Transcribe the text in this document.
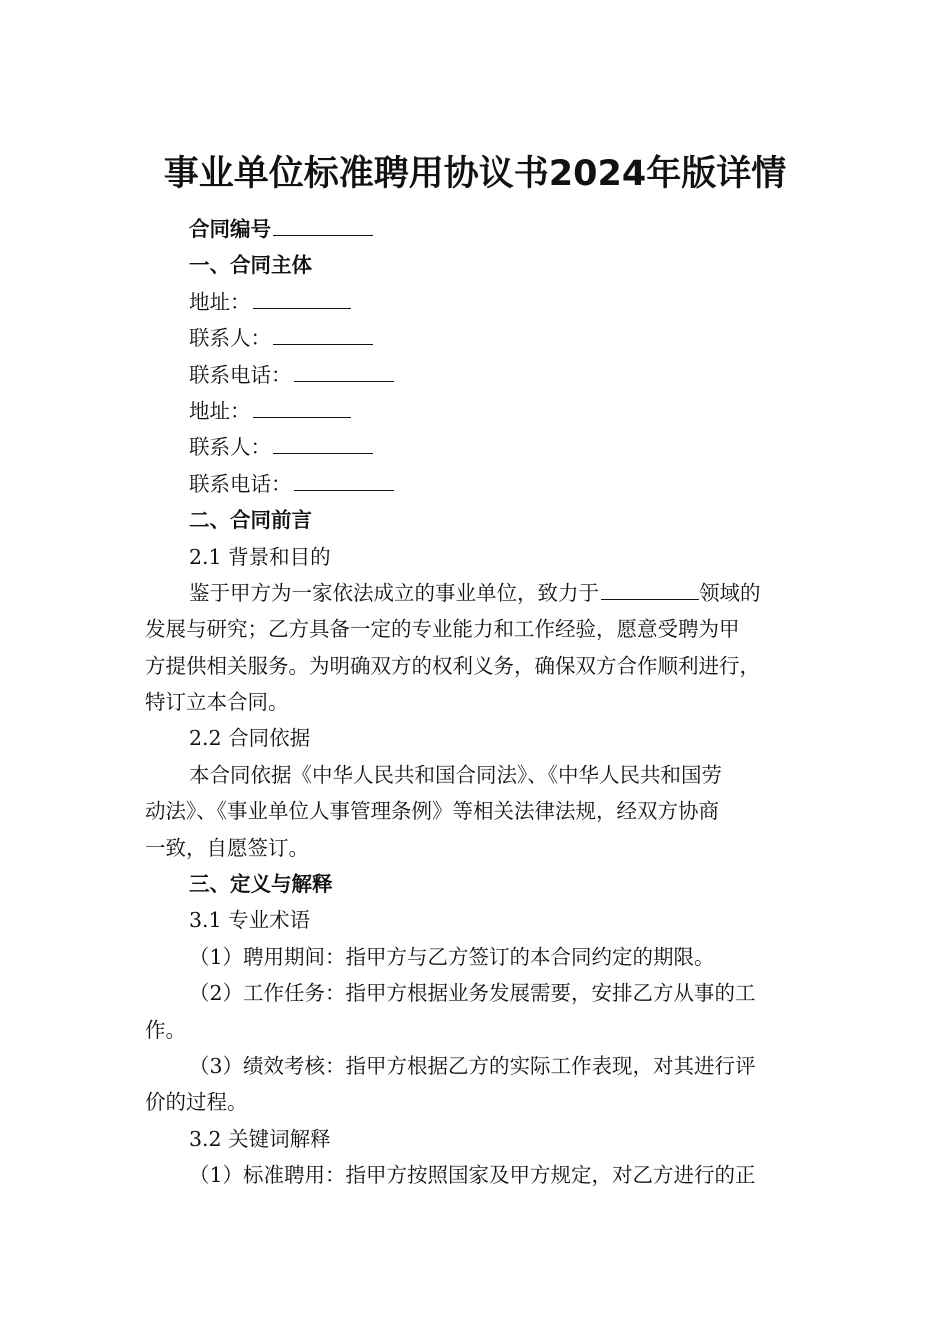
事业单位标准聘用协议书2024年版详情
合同编号
一、合同主体
地址：
联系人：
联系电话：
地址：
联系人：
联系电话：
二、合同前言
2.1 背景和目的
鉴于甲方为一家依法成立的事业单位，致力于	领域的
发展与研究；乙方具备一定的专业能力和工作经验，愿意受聘为甲
方提供相关服务。为明确双方的权利义务，确保双方合作顺利进行，
特订立本合同。
2.2 合同依据
本合同依据《中华人民共和国合同法》、《中华人民共和国劳
动法》、《事业单位人事管理条例》等相关法律法规，经双方协商
一致，自愿签订。
三、定义与解释
3.1 专业术语
（1）聘用期间：指甲方与乙方签订的本合同约定的期限。
（2）工作任务：指甲方根据业务发展需要，安排乙方从事的工
作。
（3）绩效考核：指甲方根据乙方的实际工作表现，对其进行评
价的过程。
3.2 关键词解释
（1）标准聘用：指甲方按照国家及甲方规定，对乙方进行的正
